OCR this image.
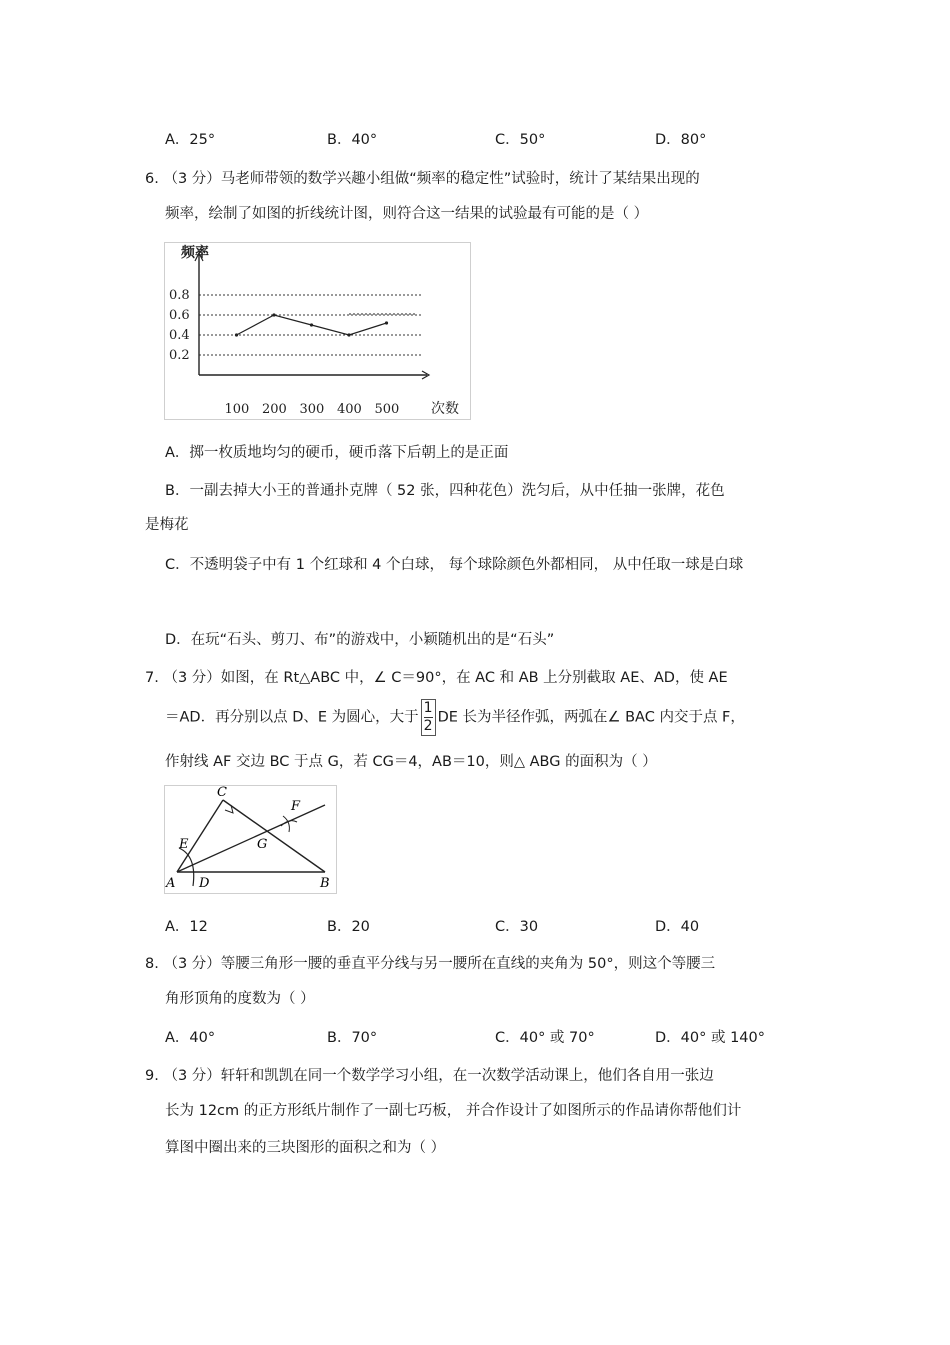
A．25°	B．40°	C．50°	D．80°
6. （3 分）马老师带领的数学兴趣小组做“频率的稳定性”试验时，统计了某结果出现的
频率，绘制了如图的折线统计图，则符合这一结果的试验最有可能的是（ ）
0.8
0.6
0.4
0.2
100 200 300 400 500
频率
次数
A．掷一枚质地均匀的硬币，硬币落下后朝上的是正面
B．一副去掉大小王的普通扑克牌（ 52 张，四种花色）洗匀后，从中任抽一张牌，花色
是梅花
C．不透明袋子中有 1 个红球和 4 个白球， 每个球除颜色外都相同， 从中任取一球是白球
D．在玩“石头、剪刀、布”的游戏中，小颖随机出的是“石头”
7. （3 分）如图，在 Rt△ABC 中，∠ C＝90°，在 AC 和 AB 上分别截取 AE、AD，使 AE
＝AD．再分别以点 D、E 为圆心，大于 $\frac{1}{2}$ DE 长为半径作弧，两弧在∠ BAC 内交于点 F，
作射线 AF 交边 BC 于点 G，若 CG＝4，AB＝10，则△ ABG 的面积为（ ）
C
E	G
F
A D	B
A．12	B．20	C．30	D．40
8. （3 分）等腰三角形一腰的垂直平分线与另一腰所在直线的夹角为 50°，则这个等腰三
角形顶角的度数为（ ）
A．40°	B．70°	C．40° 或 70°	D．40° 或 140°
9. （3 分）轩轩和凯凯在同一个数学学习小组，在一次数学活动课上，他们各自用一张边
长为 12cm 的正方形纸片制作了一副七巧板， 并合作设计了如图所示的作品请你帮他们计
算图中圈出来的三块图形的面积之和为（ ）
